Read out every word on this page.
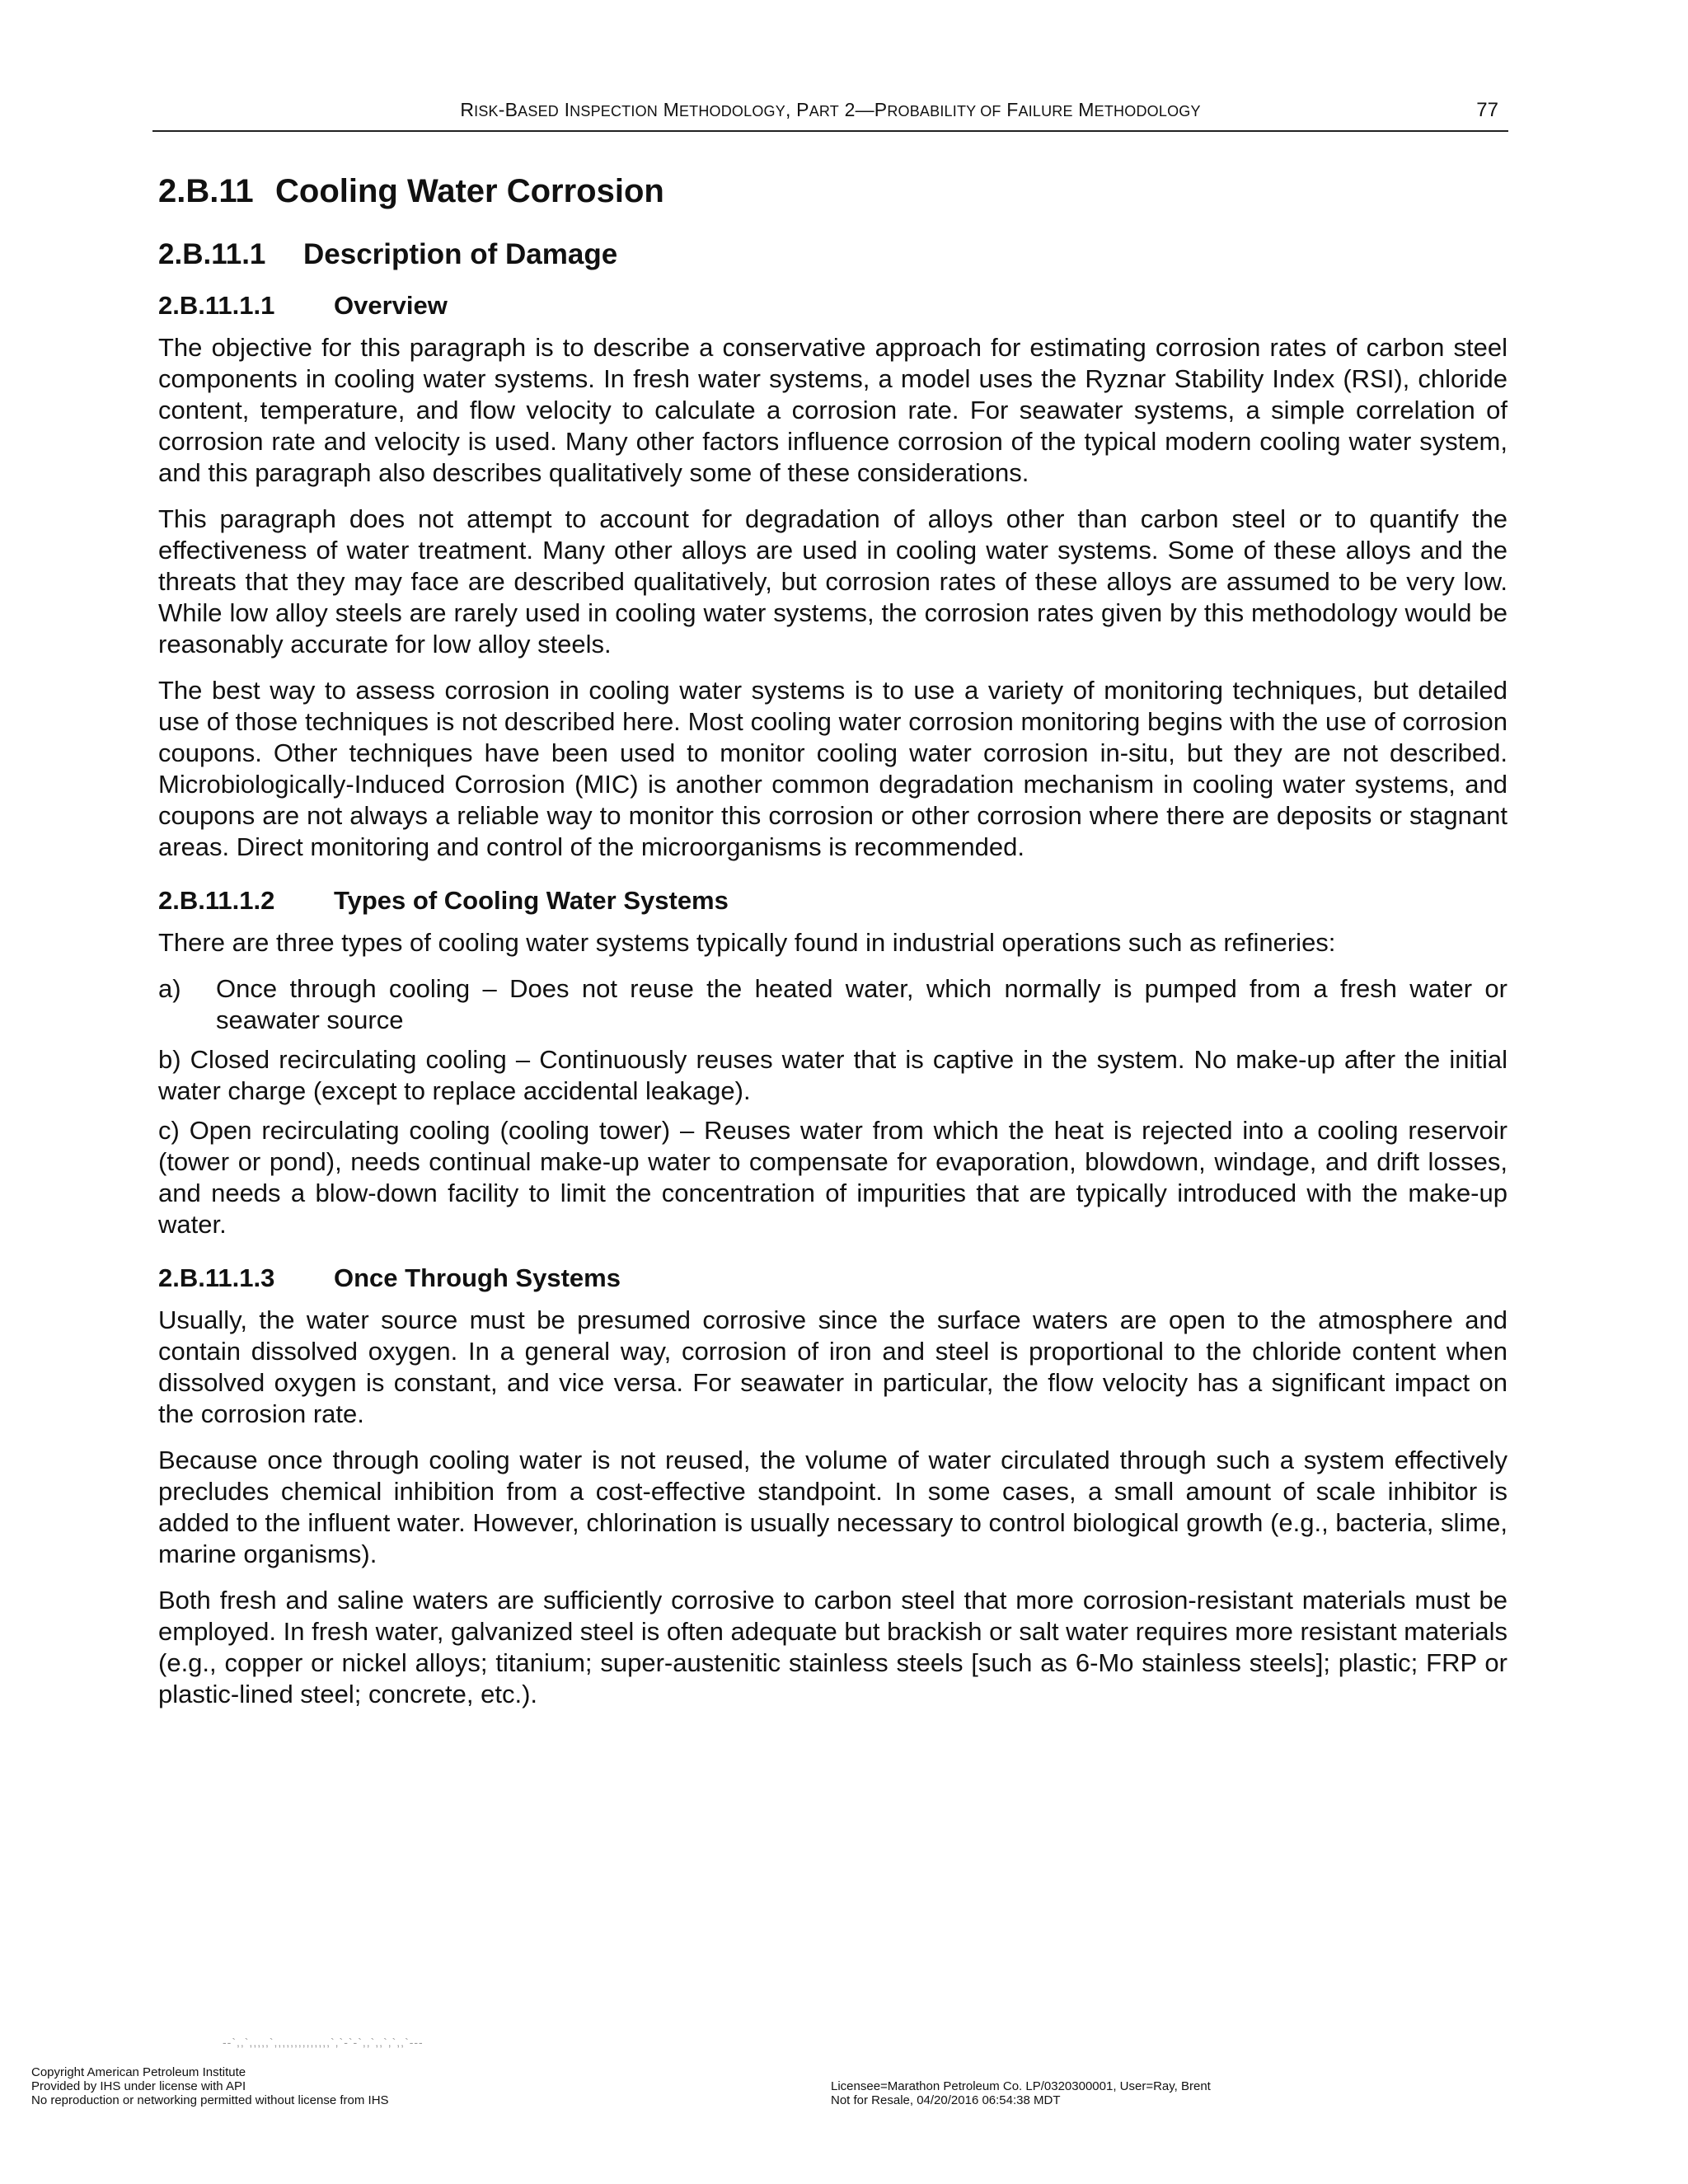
RISK-BASED INSPECTION METHODOLOGY, PART 2—PROBABILITY OF FAILURE METHODOLOGY	77
2.B.11 Cooling Water Corrosion
2.B.11.1 Description of Damage
2.B.11.1.1 Overview

The objective for this paragraph is to describe a conservative approach for estimating corrosion rates of carbon steel components in cooling water systems. In fresh water systems, a model uses the Ryznar Stability Index (RSI), chloride content, temperature, and flow velocity to calculate a corrosion rate. For seawater systems, a simple correlation of corrosion rate and velocity is used. Many other factors influence corrosion of the typical modern cooling water system, and this paragraph also describes qualitatively some of these considerations.

This paragraph does not attempt to account for degradation of alloys other than carbon steel or to quantify the effectiveness of water treatment. Many other alloys are used in cooling water systems. Some of these alloys and the threats that they may face are described qualitatively, but corrosion rates of these alloys are assumed to be very low. While low alloy steels are rarely used in cooling water systems, the corrosion rates given by this methodology would be reasonably accurate for low alloy steels.

The best way to assess corrosion in cooling water systems is to use a variety of monitoring techniques, but detailed use of those techniques is not described here. Most cooling water corrosion monitoring begins with the use of corrosion coupons. Other techniques have been used to monitor cooling water corrosion in-situ, but they are not described. Microbiologically-Induced Corrosion (MIC) is another common degradation mechanism in cooling water systems, and coupons are not always a reliable way to monitor this corrosion or other corrosion where there are deposits or stagnant areas. Direct monitoring and control of the microorganisms is recommended.

2.B.11.1.2 Types of Cooling Water Systems

There are three types of cooling water systems typically found in industrial operations such as refineries:

a)	Once through cooling – Does not reuse the heated water, which normally is pumped from a fresh water or seawater source
b) Closed recirculating cooling – Continuously reuses water that is captive in the system. No make-up after the initial water charge (except to replace accidental leakage).
c) Open recirculating cooling (cooling tower) – Reuses water from which the heat is rejected into a cooling reservoir (tower or pond), needs continual make-up water to compensate for evaporation, blowdown, windage, and drift losses, and needs a blow-down facility to limit the concentration of impurities that are typically introduced with the make-up water.
2.B.11.1.3 Once Through Systems

Usually, the water source must be presumed corrosive since the surface waters are open to the atmosphere and contain dissolved oxygen. In a general way, corrosion of iron and steel is proportional to the chloride content when dissolved oxygen is constant, and vice versa. For seawater in particular, the flow velocity has a significant impact on the corrosion rate.

Because once through cooling water is not reused, the volume of water circulated through such a system effectively precludes chemical inhibition from a cost-effective standpoint. In some cases, a small amount of scale inhibitor is added to the influent water. However, chlorination is usually necessary to control biological growth (e.g., bacteria, slime, marine organisms).

Both fresh and saline waters are sufficiently corrosive to carbon steel that more corrosion-resistant materials must be employed. In fresh water, galvanized steel is often adequate but brackish or salt water requires more resistant materials (e.g., copper or nickel alloys; titanium; super-austenitic stainless steels [such as 6-Mo stainless steels]; plastic; FRP or plastic-lined steel; concrete, etc.).

--`,,`,,,,,`,,,,,,,,,,,,,,`,`-`-`,,`,,`,`,,`---
Copyright American Petroleum Institute
Provided by IHS under license with API
No reproduction or networking permitted without license from IHS
Licensee=Marathon Petroleum Co. LP/0320300001, User=Ray, Brent
Not for Resale, 04/20/2016 06:54:38 MDT
